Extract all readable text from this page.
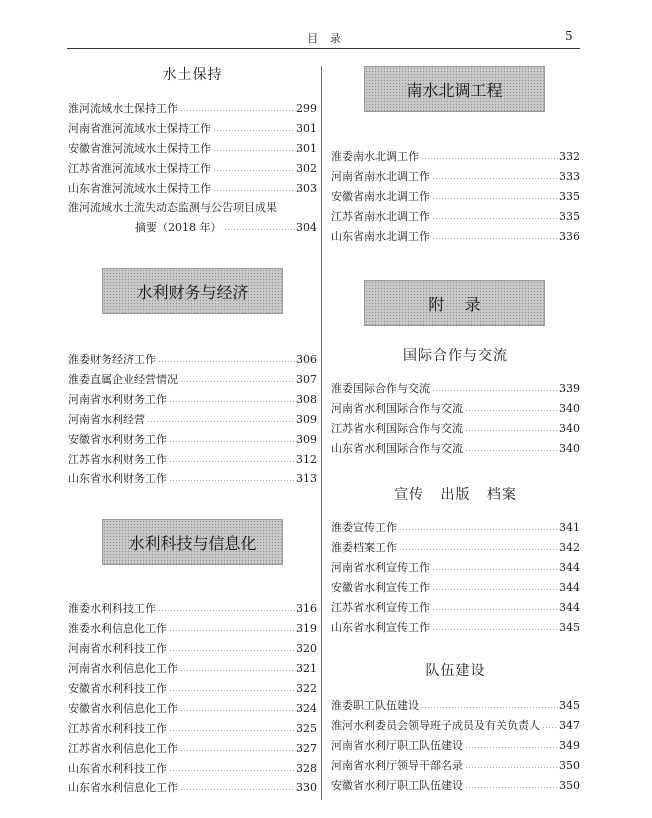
目 录	5
水土保持
淮河流域水土保持工作	299
河南省淮河流域水土保持工作	301
安徽省淮河流域水土保持工作	301
江苏省淮河流域水土保持工作	302
山东省淮河流域水土保持工作	303
淮河流域水土流失动态监测与公告项目成果
摘要（2018 年）	304
水利财务与经济
淮委财务经济工作	306
淮委直属企业经营情况	307
河南省水利财务工作	308
河南省水利经营	309
安徽省水利财务工作	309
江苏省水利财务工作	312
山东省水利财务工作	313
水利科技与信息化
淮委水利科技工作	316
淮委水利信息化工作	319
河南省水利科技工作	320
河南省水利信息化工作	321
安徽省水利科技工作	322
安徽省水利信息化工作	324
江苏省水利科技工作	325
江苏省水利信息化工作	327
山东省水利科技工作	328
山东省水利信息化工作	330
南水北调工程
淮委南水北调工作	332
河南省南水北调工作	333
安徽省南水北调工作	335
江苏省南水北调工作	335
山东省南水北调工作	336
附    录
国际合作与交流
淮委国际合作与交流	339
河南省水利国际合作与交流	340
江苏省水利国际合作与交流	340
山东省水利国际合作与交流	340
宣传   出版   档案
淮委宣传工作	341
淮委档案工作	342
河南省水利宣传工作	344
安徽省水利宣传工作	344
江苏省水利宣传工作	344
山东省水利宣传工作	345
队伍建设
淮委职工队伍建设	345
淮河水利委员会领导班子成员及有关负责人 347
河南省水利厅职工队伍建设	349
河南省水利厅领导干部名录	350
安徽省水利厅职工队伍建设	350
